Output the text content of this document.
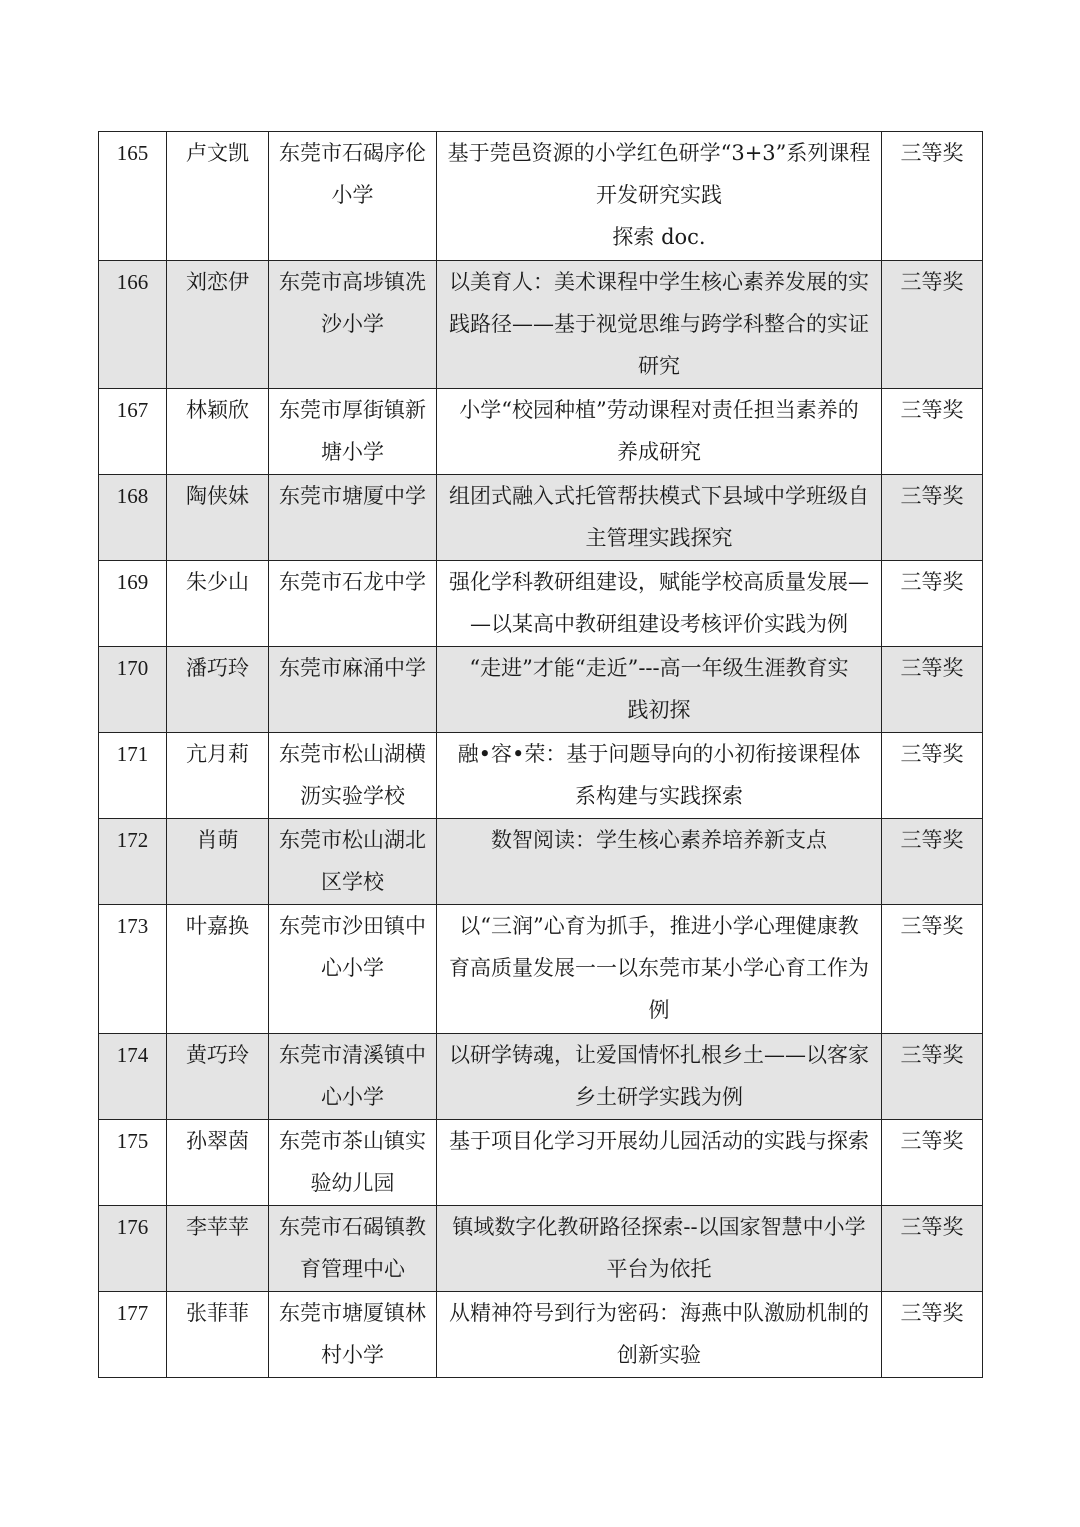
165	卢文凯	东莞市石碣序伦
小学	基于莞邑资源的小学红色研学“3+3”系列课程
开发研究实践
探索 doc.	三等奖
166	刘恋伊	东莞市高埗镇冼
沙小学	以美育人：美术课程中学生核心素养发展的实
践路径——基于视觉思维与跨学科整合的实证
研究	三等奖
167	林颖欣	东莞市厚街镇新
塘小学	小学“校园种植”劳动课程对责任担当素养的
养成研究	三等奖
168	陶侠妹	东莞市塘厦中学	组团式融入式托管帮扶模式下县域中学班级自
主管理实践探究	三等奖
169	朱少山	东莞市石龙中学	强化学科教研组建设，赋能学校高质量发展—
—以某高中教研组建设考核评价实践为例	三等奖
170	潘巧玲	东莞市麻涌中学	“走进”才能“走近”---高一年级生涯教育实
践初探	三等奖
171	亢月莉	东莞市松山湖横
沥实验学校	融•容•荣：基于问题导向的小初衔接课程体
系构建与实践探索	三等奖
172	肖萌	东莞市松山湖北
区学校	数智阅读：学生核心素养培养新支点	三等奖
173	叶嘉换	东莞市沙田镇中
心小学	以“三润”心育为抓手，推进小学心理健康教
育高质量发展一一以东莞市某小学心育工作为
例	三等奖
174	黄巧玲	东莞市清溪镇中
心小学	以研学铸魂，让爱国情怀扎根乡土——以客家
乡土研学实践为例	三等奖
175	孙翠茵	东莞市茶山镇实
验幼儿园	基于项目化学习开展幼儿园活动的实践与探索	三等奖
176	李苹苹	东莞市石碣镇教
育管理中心	镇域数字化教研路径探索--以国家智慧中小学
平台为依托	三等奖
177	张菲菲	东莞市塘厦镇林
村小学	从精神符号到行为密码：海燕中队激励机制的
创新实验	三等奖
